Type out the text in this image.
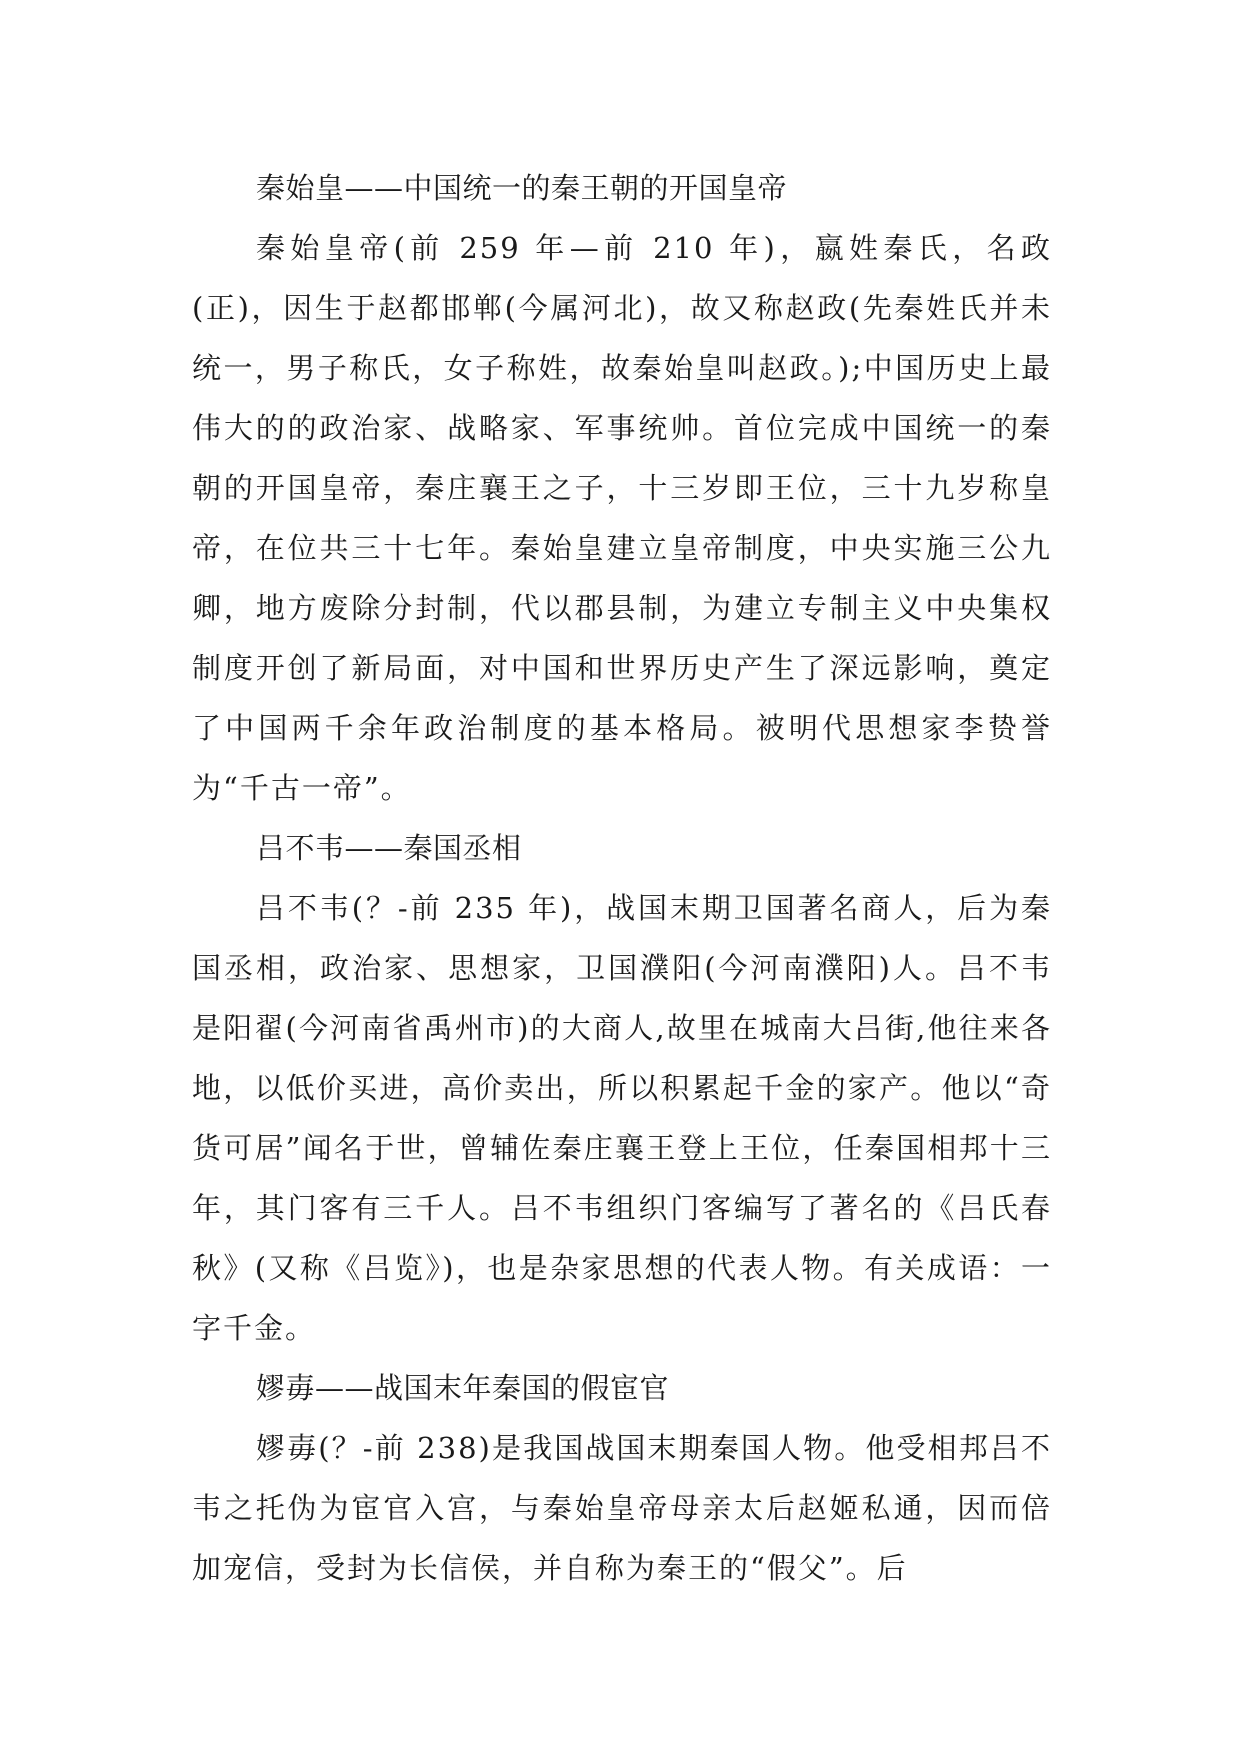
秦始皇——中国统一的秦王朝的开国皇帝

秦始皇帝(前 259 年—前 210 年)，嬴姓秦氏，名政(正)，因生于赵都邯郸(今属河北)，故又称赵政(先秦姓氏并未统一，男子称氏，女子称姓，故秦始皇叫赵政。);中国历史上最伟大的的政治家、战略家、军事统帅。首位完成中国统一的秦朝的开国皇帝，秦庄襄王之子，十三岁即王位，三十九岁称皇帝，在位共三十七年。秦始皇建立皇帝制度，中央实施三公九卿，地方废除分封制，代以郡县制，为建立专制主义中央集权制度开创了新局面，对中国和世界历史产生了深远影响，奠定了中国两千余年政治制度的基本格局。被明代思想家李贽誉为“千古一帝”。

吕不韦——秦国丞相

吕不韦(？-前 235 年)，战国末期卫国著名商人，后为秦国丞相，政治家、思想家，卫国濮阳(今河南濮阳)人。吕不韦是阳翟(今河南省禹州市)的大商人,故里在城南大吕街,他往来各地，以低价买进，高价卖出，所以积累起千金的家产。他以“奇货可居”闻名于世，曾辅佐秦庄襄王登上王位，任秦国相邦十三年，其门客有三千人。吕不韦组织门客编写了著名的《吕氏春秋》(又称《吕览》)，也是杂家思想的代表人物。有关成语：一字千金。

嫪毐——战国末年秦国的假宦官

嫪毐(？-前 238)是我国战国末期秦国人物。他受相邦吕不韦之托伪为宦官入宫，与秦始皇帝母亲太后赵姬私通，因而倍加宠信，受封为长信侯，并自称为秦王的“假父”。后
